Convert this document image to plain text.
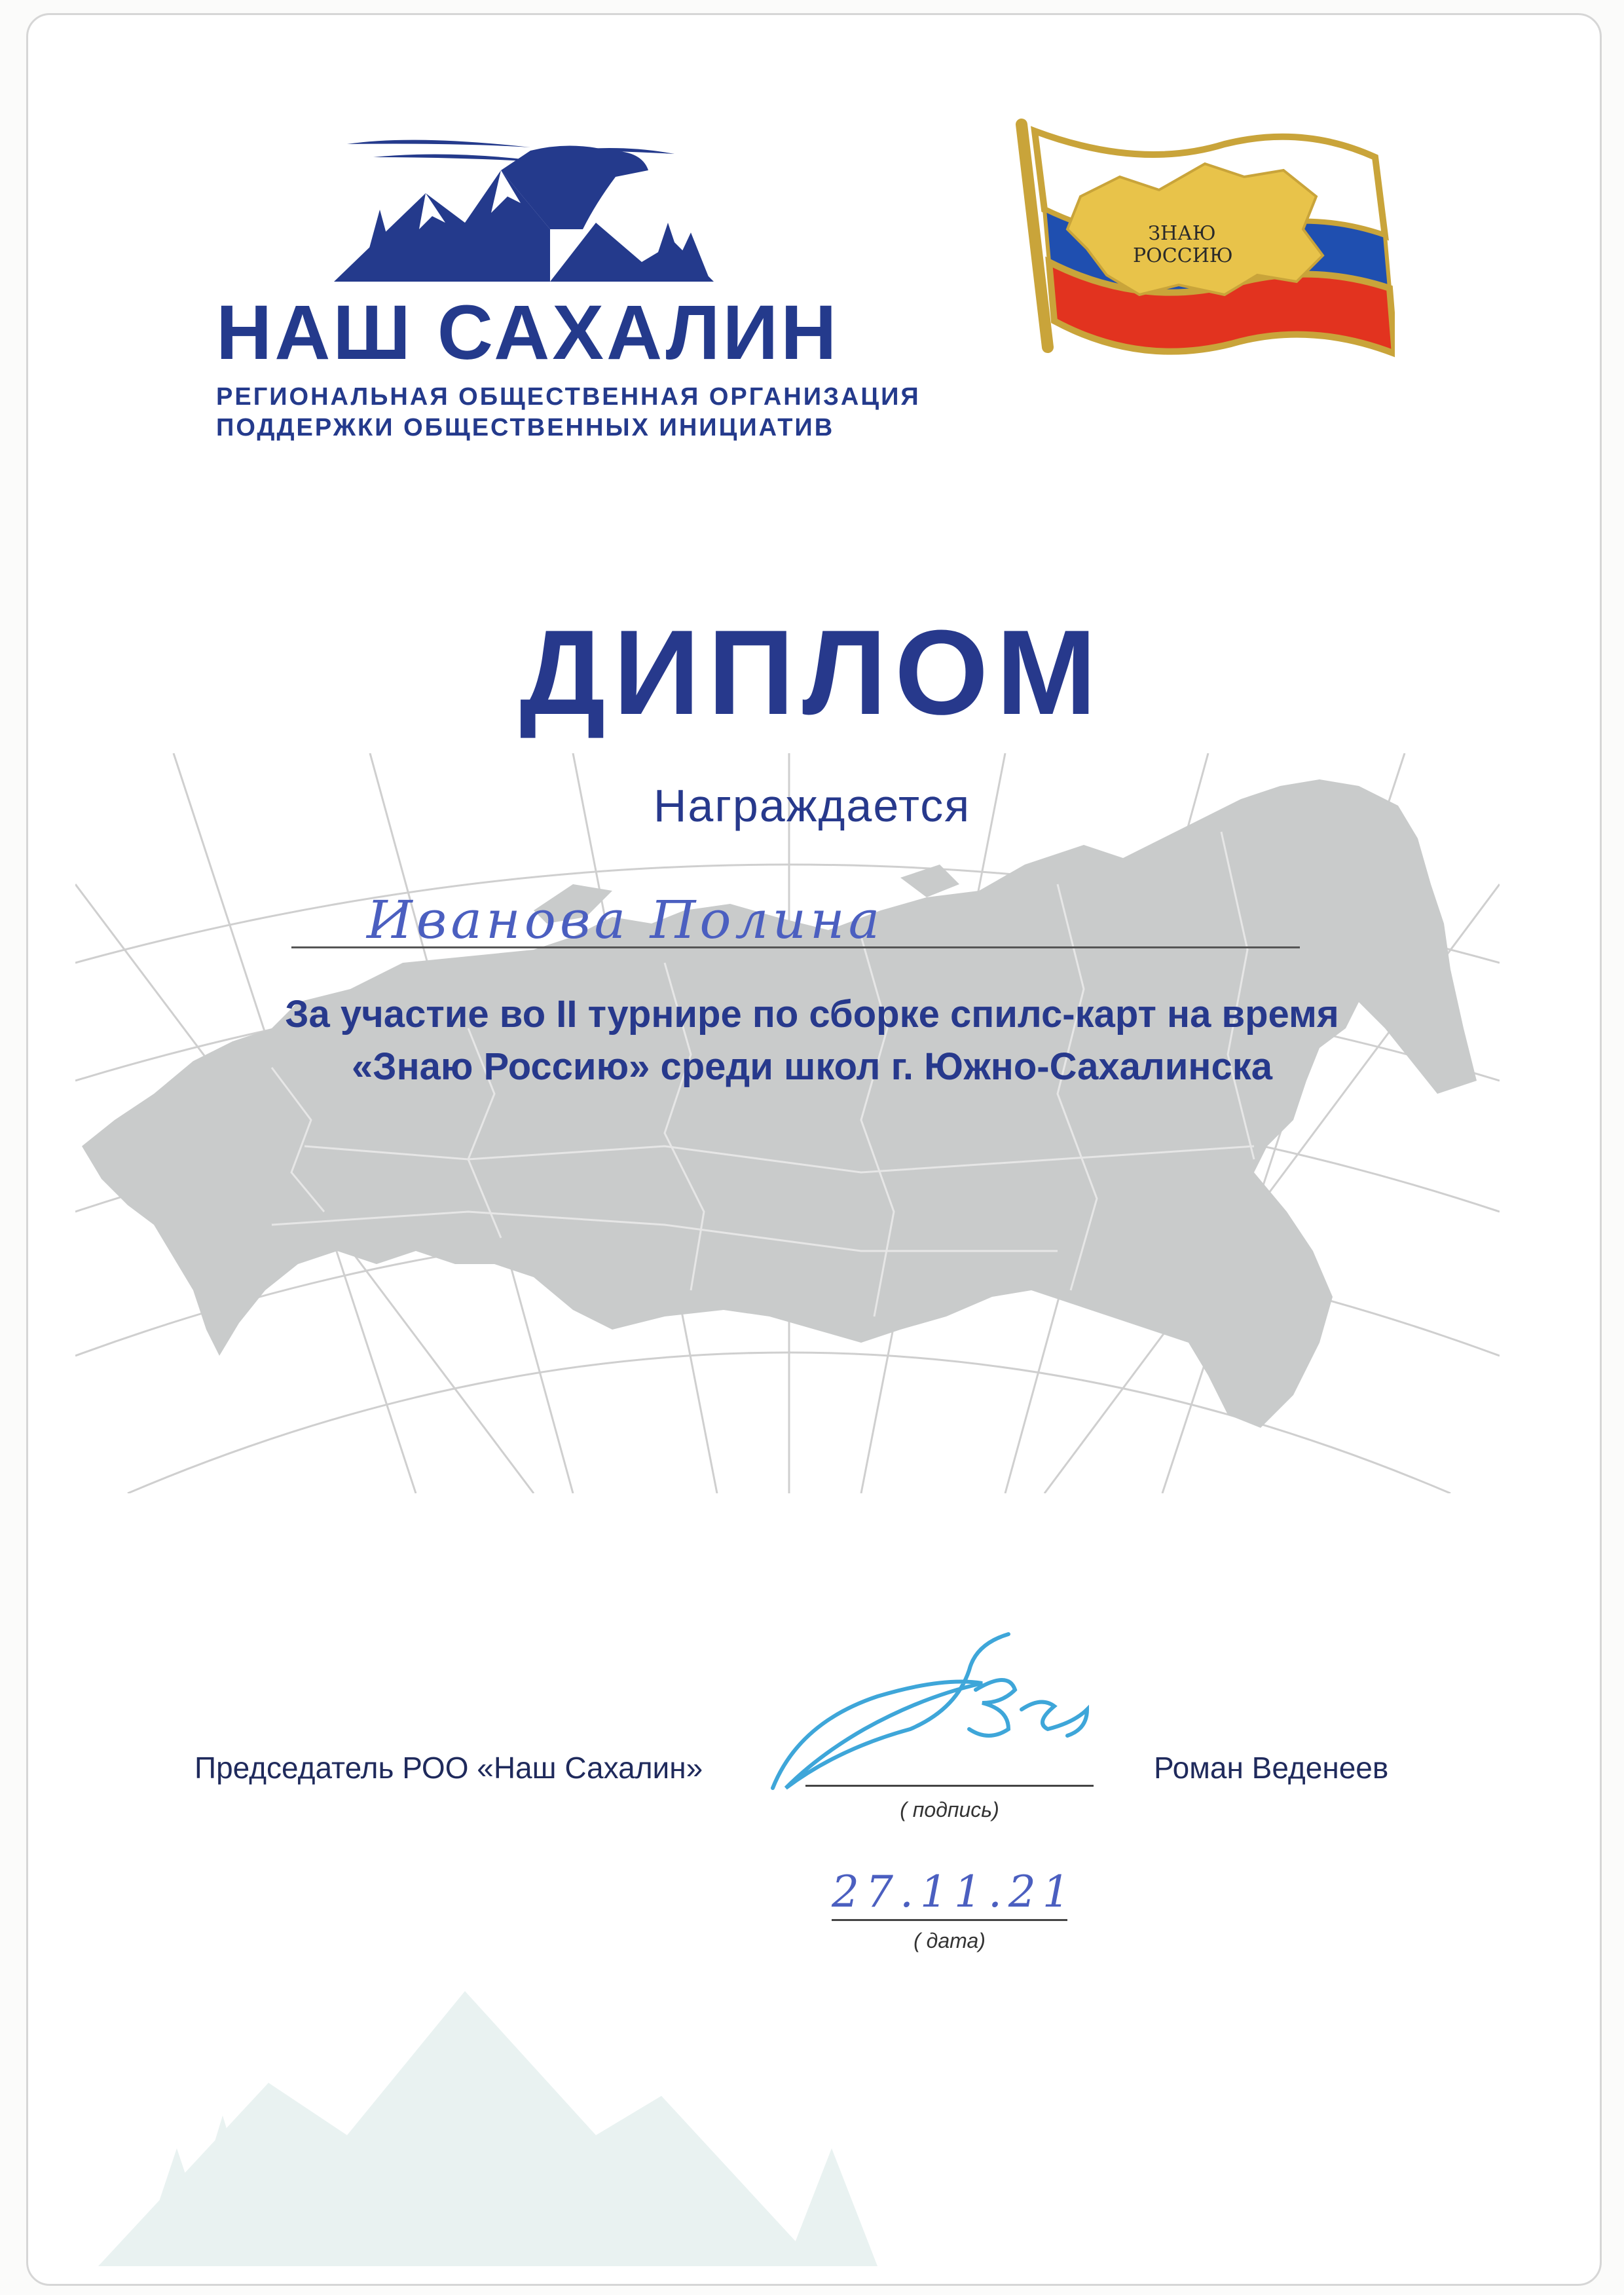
НАШ САХАЛИН
РЕГИОНАЛЬНАЯ ОБЩЕСТВЕННАЯ ОРГАНИЗАЦИЯ
ПОДДЕРЖКИ ОБЩЕСТВЕННЫХ ИНИЦИАТИВ
ЗНАЮ
РОССИЮ
ДИПЛОМ
Награждается
Иванова Полина
За участие во II турнире по сборке спилс-карт на время
«Знаю Россию» среди школ г. Южно-Сахалинска
Председатель РОО «Наш Сахалин»
( подпись)
Роман Веденеев
27.11.21
( дата)
